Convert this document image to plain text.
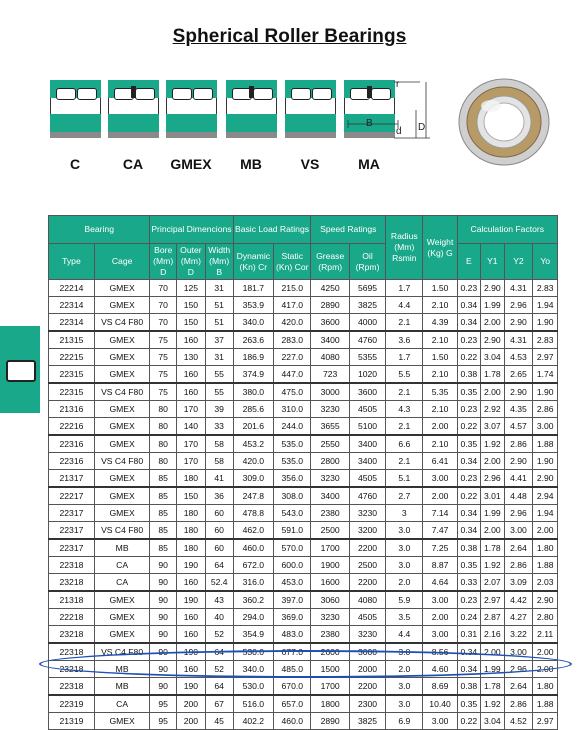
Spherical Roller Bearings
r
B
d D
C	CA	GMEX	MB	VS	MA
Bearing		Principal Dimencions			Basic Load Ratings		Speed Ratings		Radius (Mm) Rsmin	Weight (Kg) G	Calculation Factors			
Type	Cage	Bore (Mm) D	Outer (Mm) D	Width (Mm) B	Dynamic (Kn) Cr	Static (Kn) Cor	Grease (Rpm)	Oil (Rpm)			E	Y1	Y2	Yo
22214	GMEX	70	125	31	181.7	215.0	4250	5695	1.7	1.50	0.23	2.90	4.31	2.83
22314	GMEX	70	150	51	353.9	417.0	2890	3825	4.4	2.10	0.34	1.99	2.96	1.94
22314	VS C4 F80	70	150	51	340.0	420.0	3600	4000	2.1	4.39	0.34	2.00	2.90	1.90
21315	GMEX	75	160	37	263.6	283.0	3400	4760	3.6	2.10	0.23	2.90	4.31	2.83
22215	GMEX	75	130	31	186.9	227.0	4080	5355	1.7	1.50	0.22	3.04	4.53	2.97
22315	GMEX	75	160	55	374.9	447.0	723	1020	5.5	2.10	0.38	1.78	2.65	1.74
22315	VS C4 F80	75	160	55	380.0	475.0	3000	3600	2.1	5.35	0.35	2.00	2.90	1.90
21316	GMEX	80	170	39	285.6	310.0	3230	4505	4.3	2.10	0.23	2.92	4.35	2.86
22216	GMEX	80	140	33	201.6	244.0	3655	5100	2.1	2.00	0.22	3.07	4.57	3.00
22316	GMEX	80	170	58	453.2	535.0	2550	3400	6.6	2.10	0.35	1.92	2.86	1.88
22316	VS C4 F80	80	170	58	420.0	535.0	2800	3400	2.1	6.41	0.34	2.00	2.90	1.90
21317	GMEX	85	180	41	309.0	356.0	3230	4505	5.1	3.00	0.23	2.96	4.41	2.90
22217	GMEX	85	150	36	247.8	308.0	3400	4760	2.7	2.00	0.22	3.01	4.48	2.94
22317	GMEX	85	180	60	478.8	543.0	2380	3230	3	7.14	0.34	1.99	2.96	1.94
22317	VS C4 F80	85	180	60	462.0	591.0	2500	3200	3.0	7.47	0.34	2.00	3.00	2.00
22317	MB	85	180	60	460.0	570.0	1700	2200	3.0	7.25	0.38	1.78	2.64	1.80
22318	CA	90	190	64	672.0	600.0	1900	2500	3.0	8.87	0.35	1.92	2.86	1.88
23218	CA	90	160	52.4	316.0	453.0	1600	2200	2.0	4.64	0.33	2.07	3.09	2.03
21318	GMEX	90	190	43	360.2	397.0	3060	4080	5.9	3.00	0.23	2.97	4.42	2.90
22218	GMEX	90	160	40	294.0	369.0	3230	4505	3.5	2.00	0.24	2.87	4.27	2.80
23218	GMEX	90	160	52	354.9	483.0	2380	3230	4.4	3.00	0.31	2.16	3.22	2.11
22318	VS C4 F80	90	190	64	530.0	677.0	2600	3000	3.0	8.56	0.34	2.00	3.00	2.00
23218	MB	90	160	52	340.0	485.0	1500	2000	2.0	4.60	0.34	1.99	2.96	2.00
22318	MB	90	190	64	530.0	670.0	1700	2200	3.0	8.69	0.38	1.78	2.64	1.80
22319	CA	95	200	67	516.0	657.0	1800	2300	3.0	10.40	0.35	1.92	2.86	1.88
21319	GMEX	95	200	45	402.2	460.0	2890	3825	6.9	3.00	0.22	3.04	4.52	2.97
